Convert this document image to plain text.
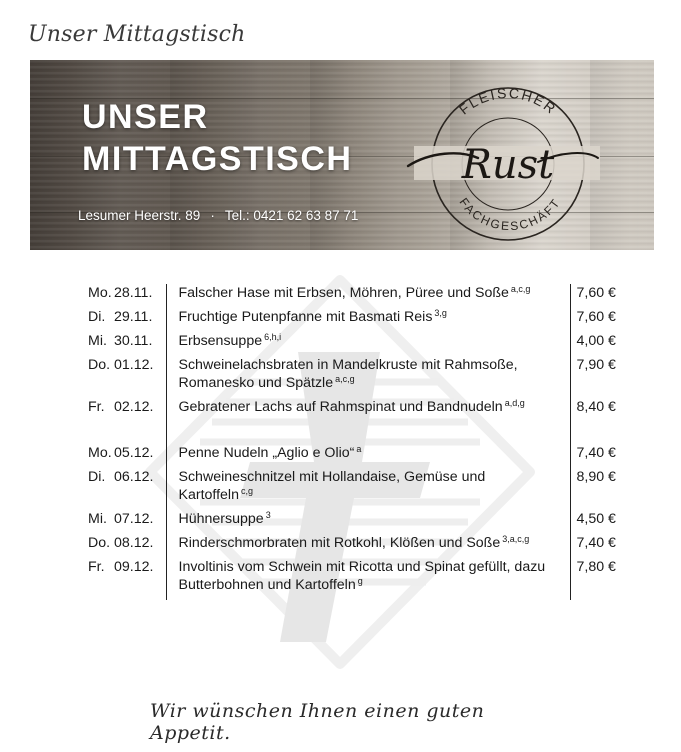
Unser Mittagstisch
UNSER
MITTAGSTISCH
Lesumer Heerstr. 89 · Tel.: 0421 62 63 87 71
FLEISCHER
FACHGESCHÄFT
Rust
Mo.	28.11.	Falscher Hase mit Erbsen, Möhren, Püree und Soße $^{a,c,g}$	7,60 €
Di.	29.11.	Fruchtige Putenpfanne mit Basmati Reis $^{3,g}$	7,60 €
Mi.	30.11.	Erbsensuppe $^{6,h,i}$	4,00 €
Do.	01.12.	Schweinelachsbraten in Mandelkruste mit Rahmsoße, Romanesko und Spätzle $^{a,c,g}$	7,90 €
Fr.	02.12.	Gebratener Lachs auf Rahmspinat und Bandnudeln $^{a,d,g}$	8,40 €

Mo.	05.12.	Penne Nudeln „Aglio e Olio“ $^a$	7,40 €
Di.	06.12.	Schweineschnitzel mit Hollandaise, Gemüse und Kartoffeln $^{c,g}$	8,90 €
Mi.	07.12.	Hühnersuppe $^3$	4,50 €
Do.	08.12.	Rinderschmorbraten mit Rotkohl, Klößen und Soße $^{3,a,c,g}$	7,40 €
Fr.	09.12.	Involtinis vom Schwein mit Ricotta und Spinat gefüllt, dazu Butterbohnen und Kartoffeln $^g$	7,80 €
Wir wünschen Ihnen einen guten Appetit.
